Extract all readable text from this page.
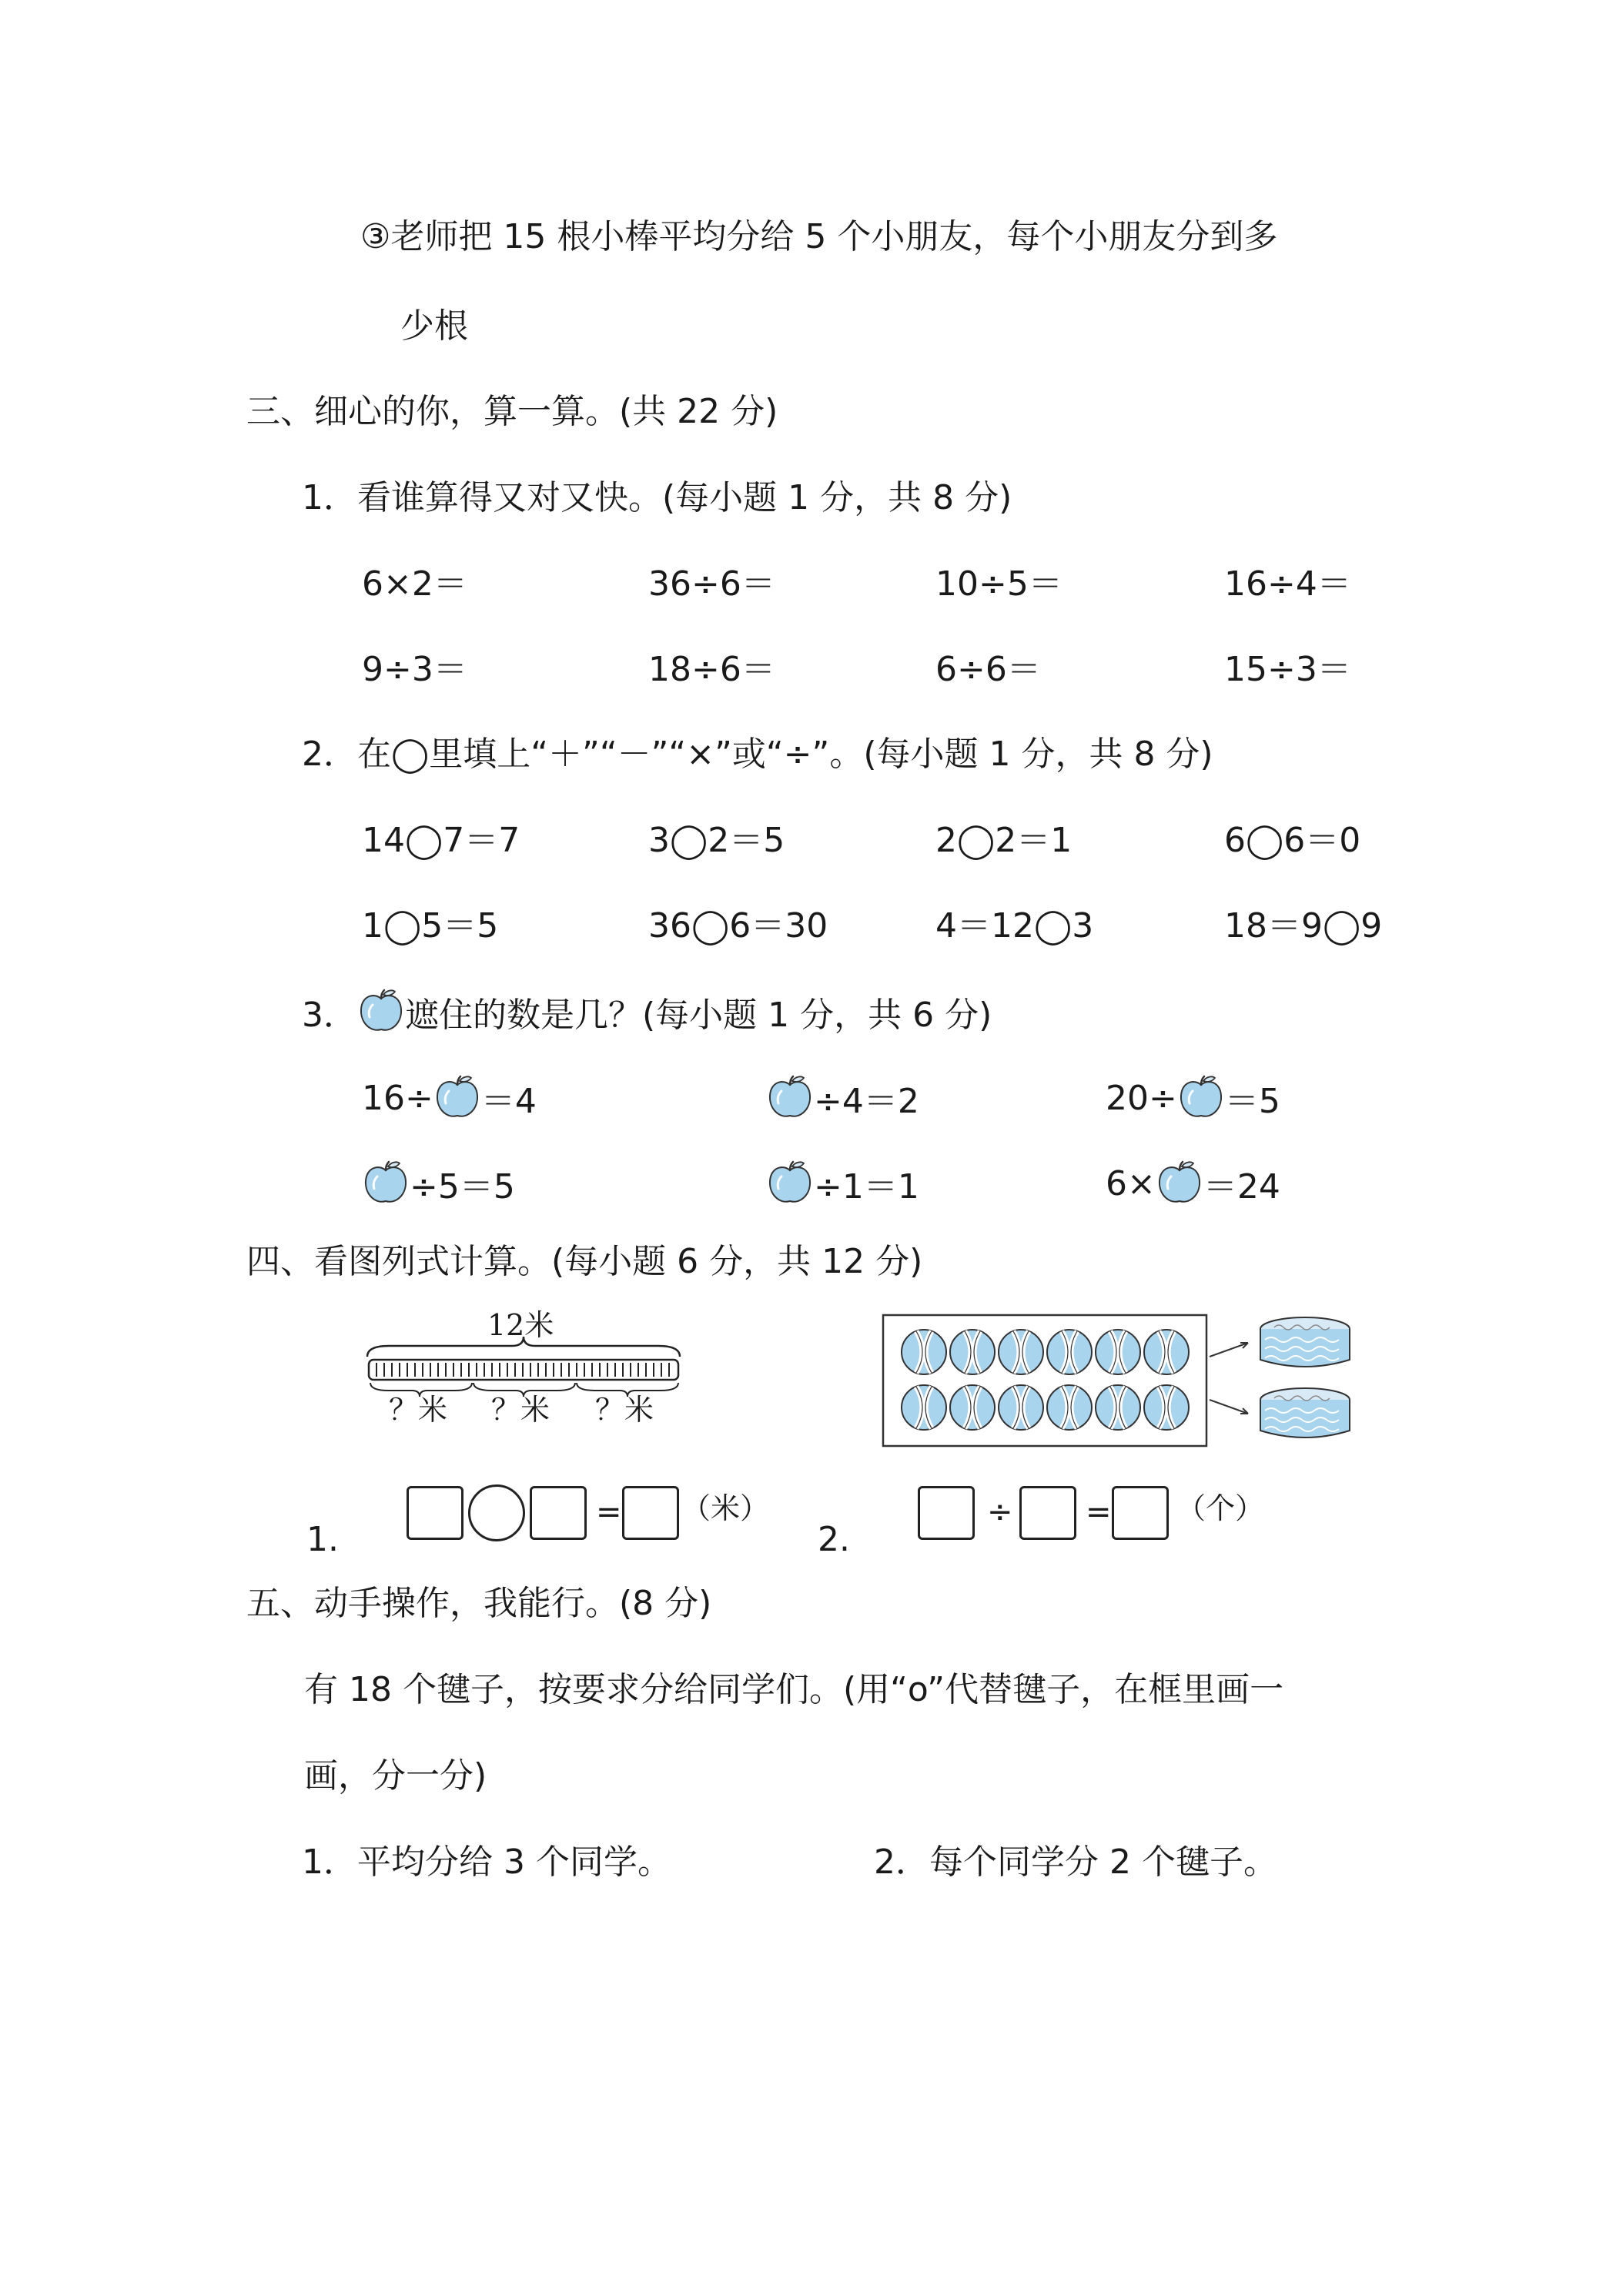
③老师把 15 根小棒平均分给 5 个小朋友，每个小朋友分到多
少根
三、细心的你，算一算。(共 22 分)
1．看谁算得又对又快。(每小题 1 分，共 8 分)
6×2＝	36÷6＝	10÷5＝	16÷4＝
9÷3＝	18÷6＝	6÷6＝	15÷3＝
2．在◯里填上“＋”“－”“×”或“÷”。(每小题 1 分，共 8 分)
14◯7＝7	3◯2＝5	2◯2＝1	6◯6＝0
1◯5＝5	36◯6＝30	4＝12◯3	18＝9◯9
3． 遮住的数是几？(每小题 1 分，共 6 分)
16÷ ＝4	÷4＝2	20÷ ＝5
÷5＝5	÷1＝1	6× ＝24
四、看图列式计算。(每小题 6 分，共 12 分)
12米
？米 ？米 ？米
1.
= （米）
2.
÷ = （个）
五、动手操作，我能行。(8 分)
有 18 个毽子，按要求分给同学们。(用“o”代替毽子，在框里画一
画，分一分)
1．平均分给 3 个同学。	2．每个同学分 2 个毽子。
